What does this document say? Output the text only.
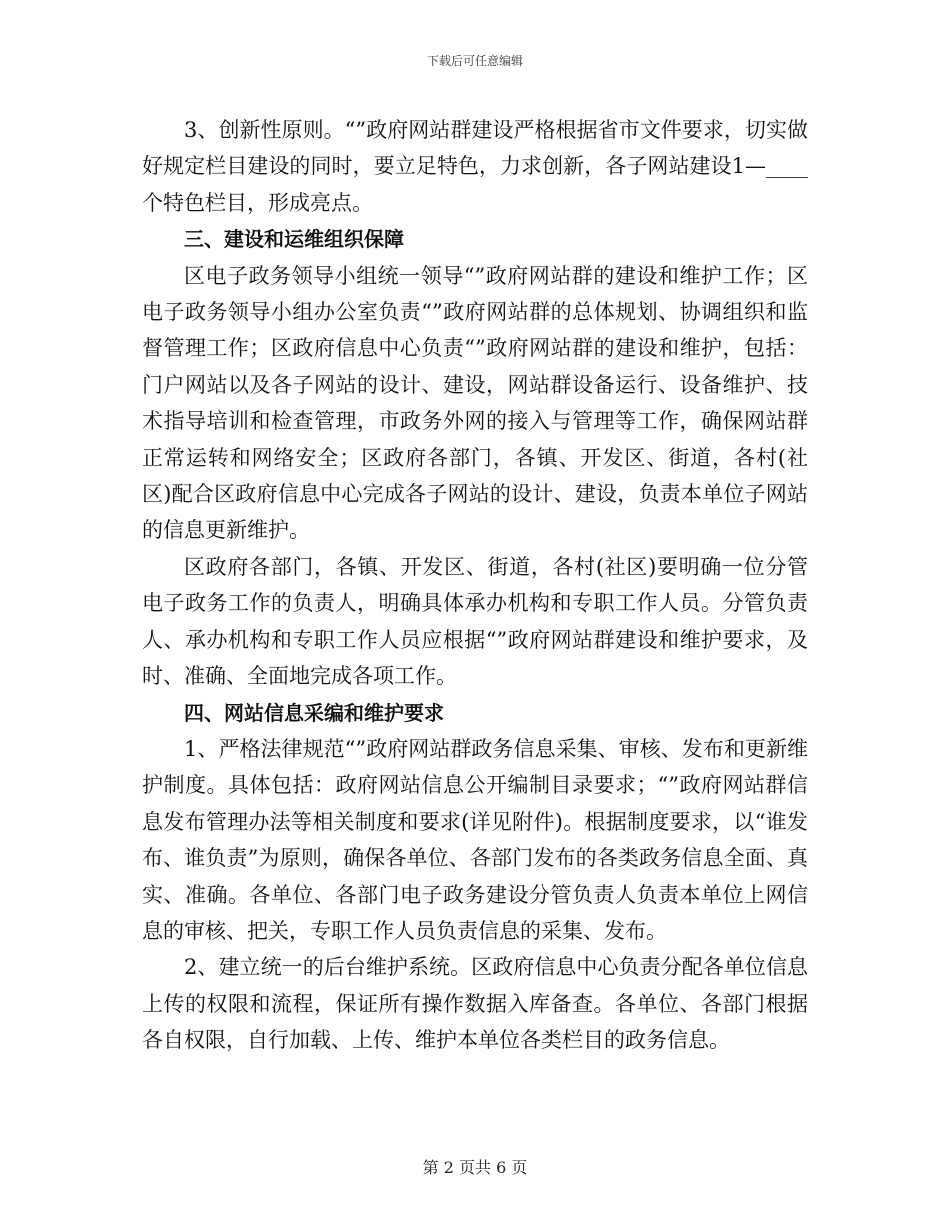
下载后可任意编辑

3、创新性原则。“”政府网站群建设严格根据省市文件要求，切实做好规定栏目建设的同时，要立足特色，力求创新，各子网站建设1—____个特色栏目，形成亮点。

三、建设和运维组织保障

区电子政务领导小组统一领导“”政府网站群的建设和维护工作；区电子政务领导小组办公室负责“”政府网站群的总体规划、协调组织和监督管理工作；区政府信息中心负责“”政府网站群的建设和维护，包括：门户网站以及各子网站的设计、建设，网站群设备运行、设备维护、技术指导培训和检查管理，市政务外网的接入与管理等工作，确保网站群正常运转和网络安全；区政府各部门，各镇、开发区、街道，各村(社区)配合区政府信息中心完成各子网站的设计、建设，负责本单位子网站的信息更新维护。

区政府各部门，各镇、开发区、街道，各村(社区)要明确一位分管电子政务工作的负责人，明确具体承办机构和专职工作人员。分管负责人、承办机构和专职工作人员应根据“”政府网站群建设和维护要求，及时、准确、全面地完成各项工作。

四、网站信息采编和维护要求

1、严格法律规范“”政府网站群政务信息采集、审核、发布和更新维护制度。具体包括：政府网站信息公开编制目录要求；“”政府网站群信息发布管理办法等相关制度和要求(详见附件)。根据制度要求，以“谁发布、谁负责”为原则，确保各单位、各部门发布的各类政务信息全面、真实、准确。各单位、各部门电子政务建设分管负责人负责本单位上网信息的审核、把关，专职工作人员负责信息的采集、发布。

2、建立统一的后台维护系统。区政府信息中心负责分配各单位信息上传的权限和流程，保证所有操作数据入库备查。各单位、各部门根据各自权限，自行加载、上传、维护本单位各类栏目的政务信息。

第 2 页共 6 页
